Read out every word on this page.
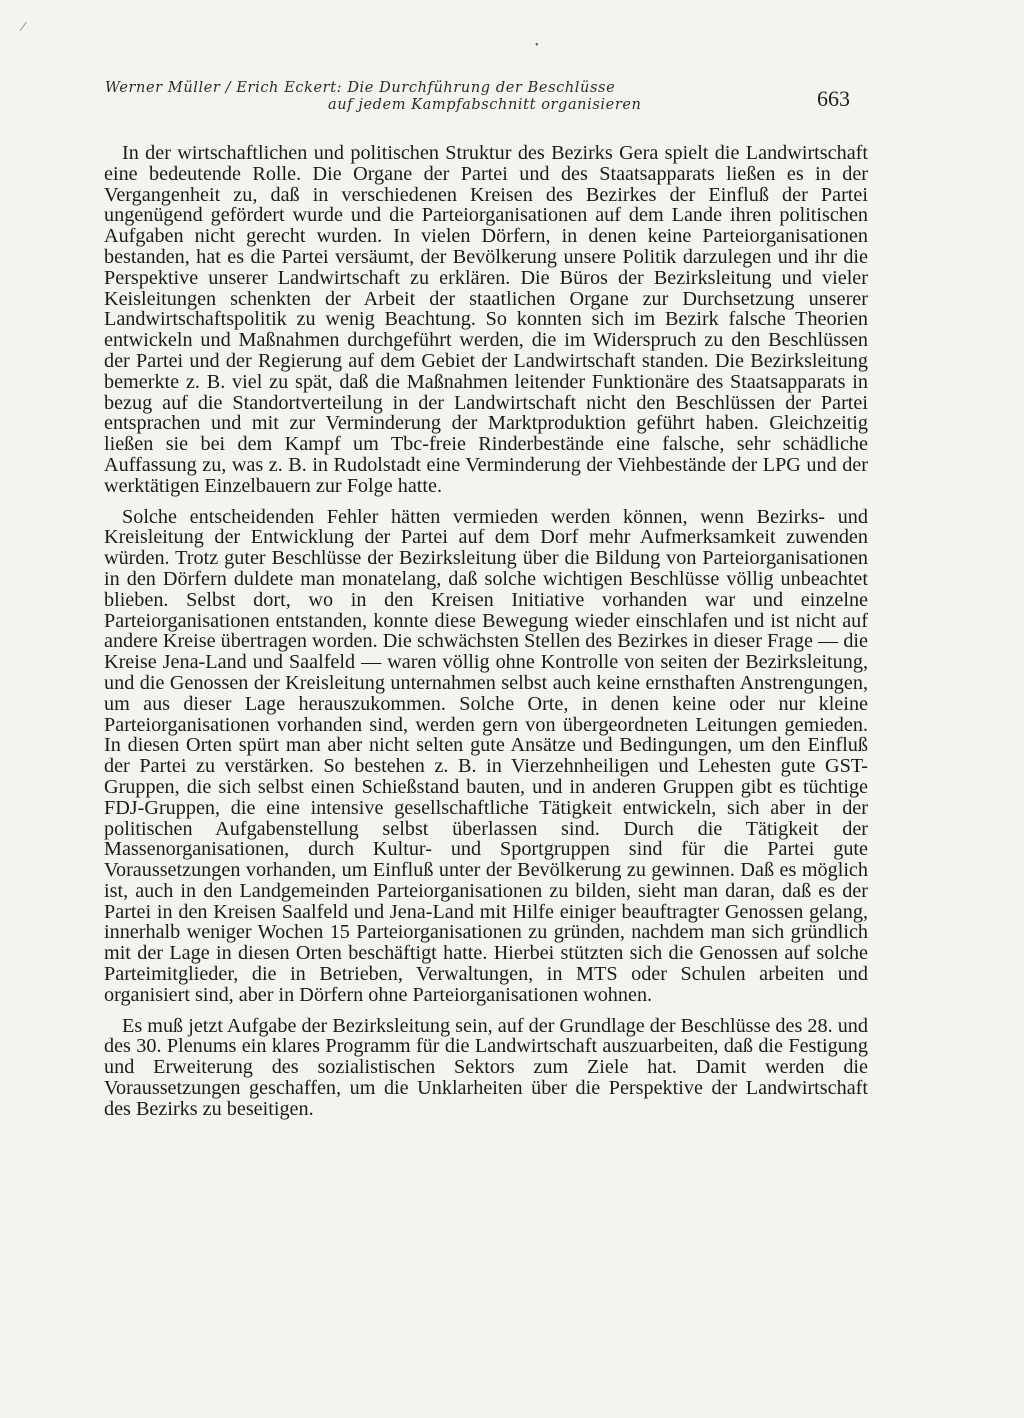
•
⁄
Werner Müller / Erich Eckert: Die Durchführung der Beschlüsse
auf jedem Kampfabschnitt organisieren	663

In der wirtschaftlichen und politischen Struktur des Bezirks Gera spielt die Landwirtschaft eine bedeutende Rolle. Die Organe der Partei und des Staatsapparats ließen es in der Vergangenheit zu, daß in verschiedenen Kreisen des Bezirkes der Einfluß der Partei ungenügend gefördert wurde und die Parteiorganisationen auf dem Lande ihren politischen Aufgaben nicht gerecht wurden. In vielen Dörfern, in denen keine Parteiorganisationen bestanden, hat es die Partei versäumt, der Bevölkerung unsere Politik darzulegen und ihr die Perspektive unserer Landwirtschaft zu erklären. Die Büros der Bezirksleitung und vieler Keisleitungen schenkten der Arbeit der staatlichen Organe zur Durchsetzung unserer Landwirtschaftspolitik zu wenig Beachtung. So konnten sich im Bezirk falsche Theorien entwickeln und Maßnahmen durchgeführt werden, die im Widerspruch zu den Beschlüssen der Partei und der Regierung auf dem Gebiet der Landwirtschaft standen. Die Bezirksleitung bemerkte z. B. viel zu spät, daß die Maßnahmen leitender Funktionäre des Staatsapparats in bezug auf die Standortverteilung in der Landwirtschaft nicht den Beschlüssen der Partei entsprachen und mit zur Verminderung der Marktproduktion geführt haben. Gleichzeitig ließen sie bei dem Kampf um Tbc-freie Rinderbestände eine falsche, sehr schädliche Auffassung zu, was z. B. in Rudolstadt eine Verminderung der Viehbestände der LPG und der werktätigen Einzelbauern zur Folge hatte.

Solche entscheidenden Fehler hätten vermieden werden können, wenn Bezirks- und Kreisleitung der Entwicklung der Partei auf dem Dorf mehr Aufmerksamkeit zuwenden würden. Trotz guter Beschlüsse der Bezirksleitung über die Bildung von Parteiorganisationen in den Dörfern duldete man monatelang, daß solche wichtigen Beschlüsse völlig unbeachtet blieben. Selbst dort, wo in den Kreisen Initiative vorhanden war und einzelne Parteiorganisationen entstanden, konnte diese Bewegung wieder einschlafen und ist nicht auf andere Kreise übertragen worden. Die schwächsten Stellen des Bezirkes in dieser Frage — die Kreise Jena-Land und Saalfeld — waren völlig ohne Kontrolle von seiten der Bezirksleitung, und die Genossen der Kreisleitung unternahmen selbst auch keine ernsthaften Anstrengungen, um aus dieser Lage herauszukommen. Solche Orte, in denen keine oder nur kleine Parteiorganisationen vorhanden sind, werden gern von übergeordneten Leitungen gemieden. In diesen Orten spürt man aber nicht selten gute Ansätze und Bedingungen, um den Einfluß der Partei zu verstärken. So bestehen z. B. in Vierzehnheiligen und Lehesten gute GST-Gruppen, die sich selbst einen Schießstand bauten, und in anderen Gruppen gibt es tüchtige FDJ-Gruppen, die eine intensive gesellschaftliche Tätigkeit entwickeln, sich aber in der politischen Aufgabenstellung selbst überlassen sind. Durch die Tätigkeit der Massenorganisationen, durch Kultur- und Sportgruppen sind für die Partei gute Voraussetzungen vorhanden, um Einfluß unter der Bevölkerung zu gewinnen. Daß es möglich ist, auch in den Landgemeinden Parteiorganisationen zu bilden, sieht man daran, daß es der Partei in den Kreisen Saalfeld und Jena-Land mit Hilfe einiger beauftragter Genossen gelang, innerhalb weniger Wochen 15 Parteiorganisationen zu gründen, nachdem man sich gründlich mit der Lage in diesen Orten beschäftigt hatte. Hierbei stützten sich die Genossen auf solche Parteimitglieder, die in Betrieben, Verwaltungen, in MTS oder Schulen arbeiten und organisiert sind, aber in Dörfern ohne Parteiorganisationen wohnen.

Es muß jetzt Aufgabe der Bezirksleitung sein, auf der Grundlage der Beschlüsse des 28. und des 30. Plenums ein klares Programm für die Landwirtschaft auszuarbeiten, daß die Festigung und Erweiterung des sozialistischen Sektors zum Ziele hat. Damit werden die Voraussetzungen geschaffen, um die Unklarheiten über die Perspektive der Landwirtschaft des Bezirks zu beseitigen.
